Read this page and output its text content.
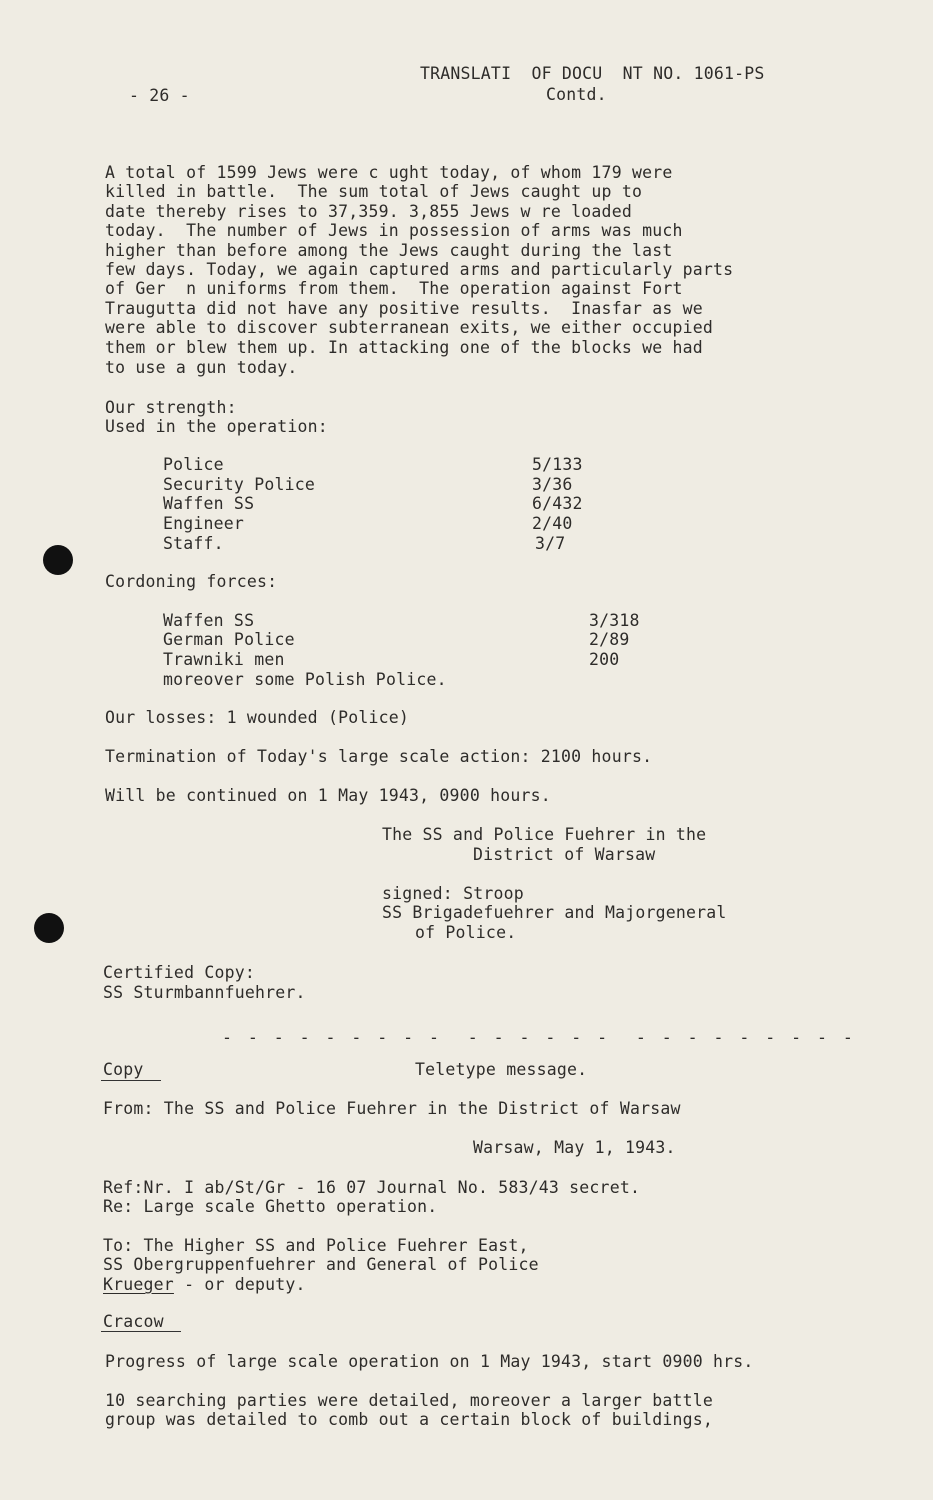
- 26 -
TRANSLATI  OF DOCU  NT NO. 1061-PS
Contd.
A total of 1599 Jews were c ught today, of whom 179 were
killed in battle.  The sum total of Jews caught up to
date thereby rises to 37,359. 3,855 Jews w re loaded
today.  The number of Jews in possession of arms was much
higher than before among the Jews caught during the last
few days. Today, we again captured arms and particularly parts
of Ger  n uniforms from them.  The operation against Fort
Traugutta did not have any positive results.  Inasfar as we
were able to discover subterranean exits, we either occupied
them or blew them up. In attacking one of the blocks we had
to use a gun today.
Our strength:
Used in the operation:
Police	5/133
Security Police	3/36
Waffen SS	6/432
Engineer	2/40
Staff.	3/7
Cordoning forces:
Waffen SS	3/318
German Police	2/89
Trawniki men	200
moreover some Polish Police.
Our losses: 1 wounded (Police)
Termination of Today's large scale action: 2100 hours.
Will be continued on 1 May 1943, 0900 hours.
The SS and Police Fuehrer in the
District of Warsaw
signed: Stroop
SS Brigadefuehrer and Majorgeneral
of Police.
Certified Copy:
SS Sturmbannfuehrer.
- - - - - - - - -  - - - - - -  - - - - - - - - -
Copy	Teletype message.
From: The SS and Police Fuehrer in the District of Warsaw
Warsaw, May 1, 1943.
Ref:Nr. I ab/St/Gr - 16 07 Journal No. 583/43 secret.
Re: Large scale Ghetto operation.
To: The Higher SS and Police Fuehrer East,
SS Obergruppenfuehrer and General of Police
Krueger - or deputy.
Cracow
Progress of large scale operation on 1 May 1943, start 0900 hrs.
10 searching parties were detailed, moreover a larger battle
group was detailed to comb out a certain block of buildings,
